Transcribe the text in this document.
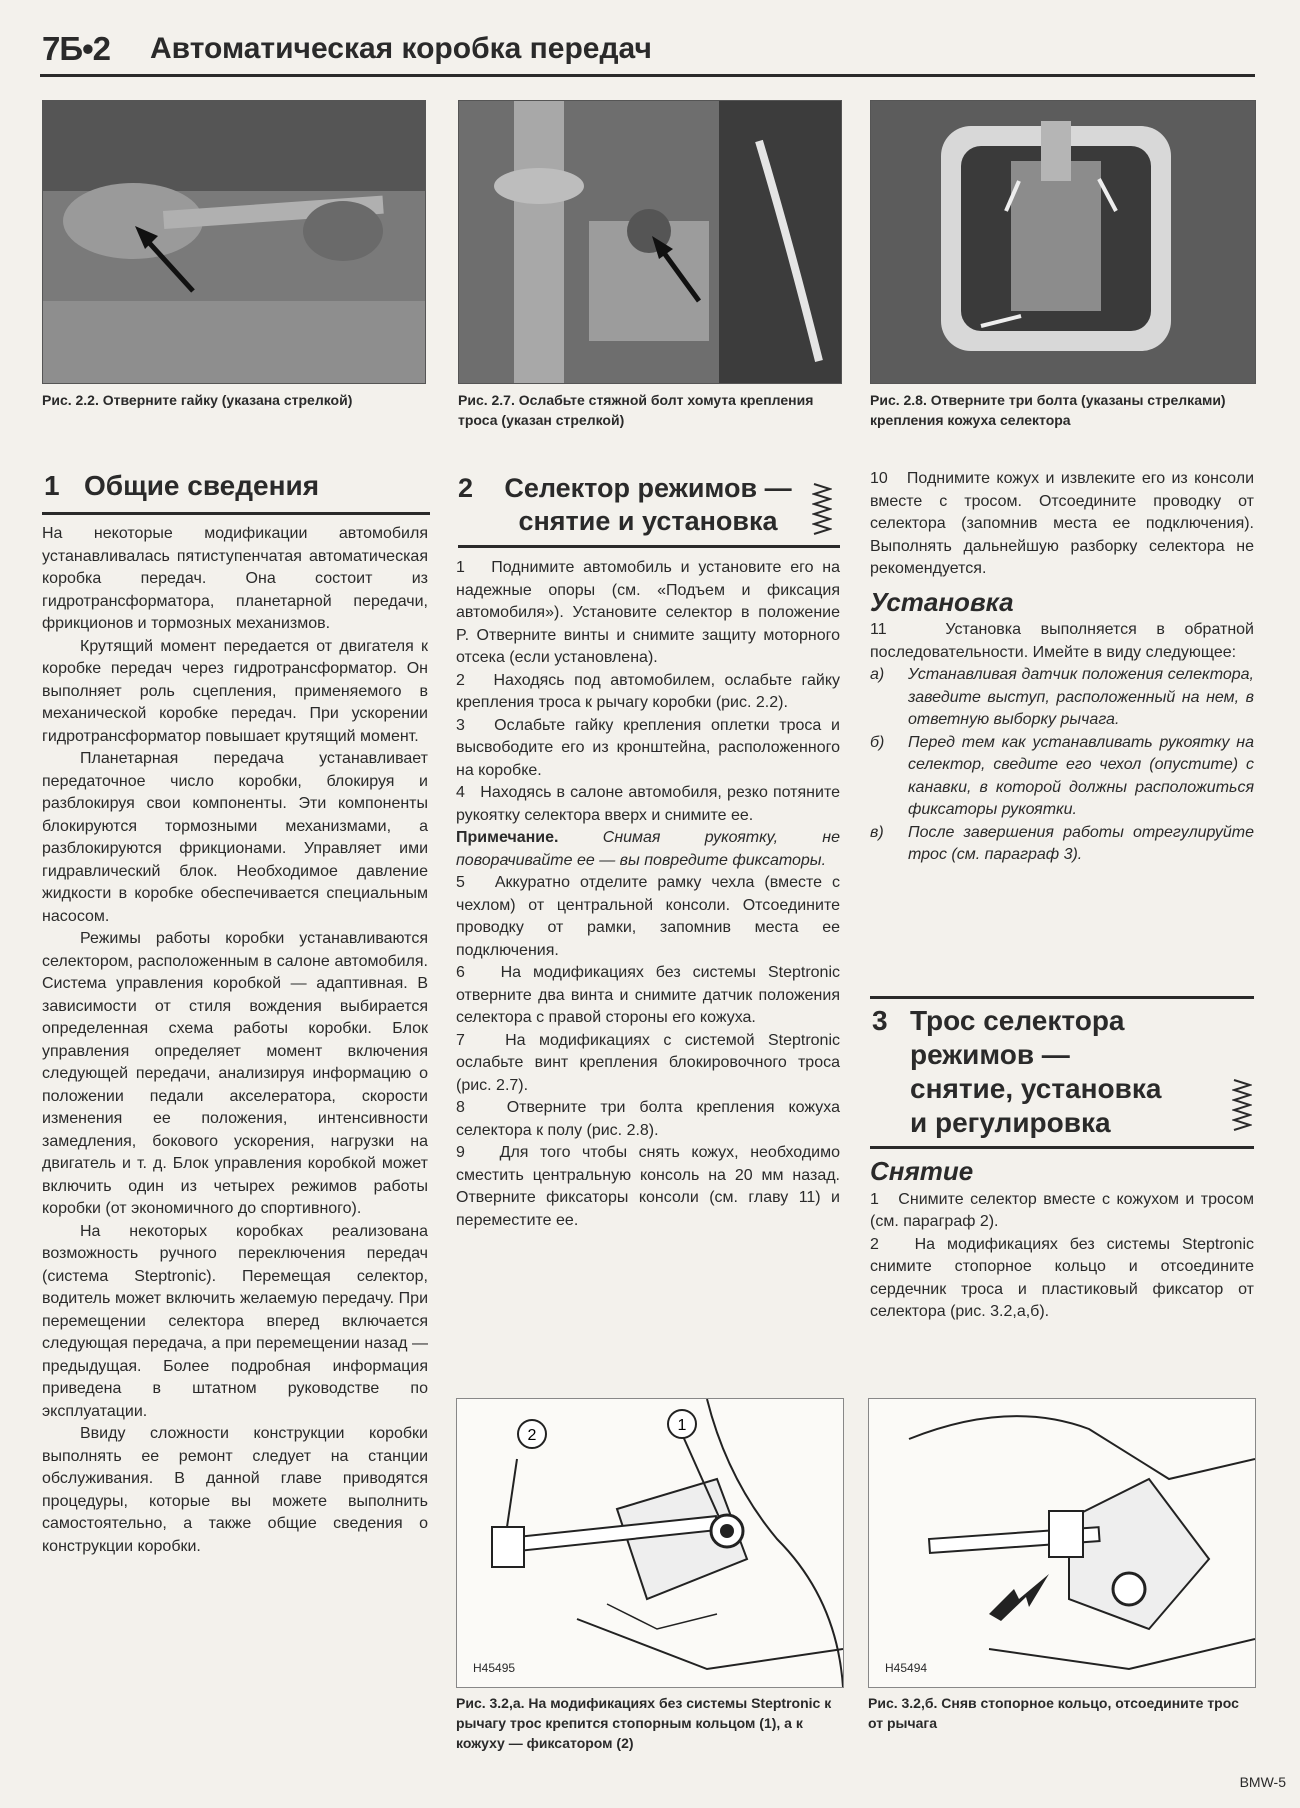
7Б•2 Автоматическая коробка передач
Рис. 2.2. Отверните гайку (указана стрелкой)	Рис. 2.7. Ослабьте стяжной болт хомута крепления троса (указан стрелкой)
Рис. 2.8. Отверните три болта (указаны стрелками) крепления кожуха селектора
1 Общие сведения

На некоторые модификации автомобиля устанавливалась пятиступенчатая автоматическая коробка передач. Она состоит из гидротрансформатора, планетарной передачи, фрикционов и тормозных механизмов.

Крутящий момент передается от двигателя к коробке передач через гидротрансформатор. Он выполняет роль сцепления, применяемого в механической коробке передач. При ускорении гидротрансформатор повышает крутящий момент.

Планетарная передача устанавливает передаточное число коробки, блокируя и разблокируя свои компоненты. Эти компоненты блокируются тормозными механизмами, а разблокируются фрикционами. Управляет ими гидравлический блок. Необходимое давление жидкости в коробке обеспечивается специальным насосом.

Режимы работы коробки устанавливаются селектором, расположенным в салоне автомобиля. Система управления коробкой — адаптивная. В зависимости от стиля вождения выбирается определенная схема работы коробки. Блок управления определяет момент включения следующей передачи, анализируя информацию о положении педали акселератора, скорости изменения ее положения, интенсивности замедления, бокового ускорения, нагрузки на двигатель и т. д. Блок управления коробкой может включить один из четырех режимов работы коробки (от экономичного до спортивного).

На некоторых коробках реализована возможность ручного переключения передач (система Steptronic). Перемещая селектор, водитель может включить желаемую передачу. При перемещении селектора вперед включается следующая передача, а при перемещении назад — предыдущая. Более подробная информация приведена в штатном руководстве по эксплуатации.

Ввиду сложности конструкции коробки выполнять ее ремонт следует на станции обслуживания. В данной главе приводятся процедуры, которые вы можете выполнить самостоятельно, а также общие сведения о конструкции коробки.

2 Селектор режимов —
снятие и установка

1 Поднимите автомобиль и установите его на надежные опоры (см. «Подъем и фиксация автомобиля»). Установите селектор в положение P. Отверните винты и снимите защиту моторного отсека (если установлена).

2 Находясь под автомобилем, ослабьте гайку крепления троса к рычагу коробки (рис. 2.2).

3 Ослабьте гайку крепления оплетки троса и высвободите его из кронштейна, расположенного на коробке.

4 Находясь в салоне автомобиля, резко потяните рукоятку селектора вверх и снимите ее.

Примечание.	Снимая рукоятку, не поворачивайте ее — вы повредите фиксаторы.

5 Аккуратно отделите рамку чехла (вместе с чехлом) от центральной консоли. Отсоедините проводку от рамки, запомнив места ее подключения.

6 На модификациях без системы Steptronic отверните два винта и снимите датчик положения селектора с правой стороны его кожуха.

7	На модификациях с системой Steptronic ослабьте винт крепления блокировочного троса (рис. 2.7).

8	Отверните три болта крепления кожуха селектора к полу (рис. 2.8).

9 Для того чтобы снять кожух, необходимо сместить центральную консоль на 20 мм назад. Отверните фиксаторы консоли (см. главу 11) и переместите ее.

10 Поднимите кожух и извлеките его из консоли вместе с тросом. Отсоедините проводку от селектора (запомнив места ее подключения). Выполнять дальнейшую разборку селектора не рекомендуется.

Установка

11	Установка выполняется в обратной последовательности. Имейте в виду следующее:

а)	Устанавливая датчик положения селектора, заведите выступ, расположенный на нем, в ответную выборку рычага.
б)	Перед тем как устанавливать рукоятку на селектор, сведите его чехол (опустите) с канавки, в которой должны расположиться фиксаторы рукоятки.
в)	После завершения работы отрегулируйте трос (см. параграф 3).
3 Трос селектора
режимов —
снятие, установка
и регулировка
Снятие

1 Снимите селектор вместе с кожухом и тросом (см. параграф 2).

2 На модификациях без системы Steptronic снимите стопорное кольцо и отсоедините сердечник троса и пластиковый фиксатор от селектора (рис. 3.2,а,б).

2
1
H45495
Рис. 3.2,а. На модификациях без системы Steptronic к рычагу трос крепится стопорным кольцом (1), а к кожуху — фиксатором (2)
H45494
Рис. 3.2,б. Сняв стопорное кольцо, отсоедините трос от рычага
BMW-5
